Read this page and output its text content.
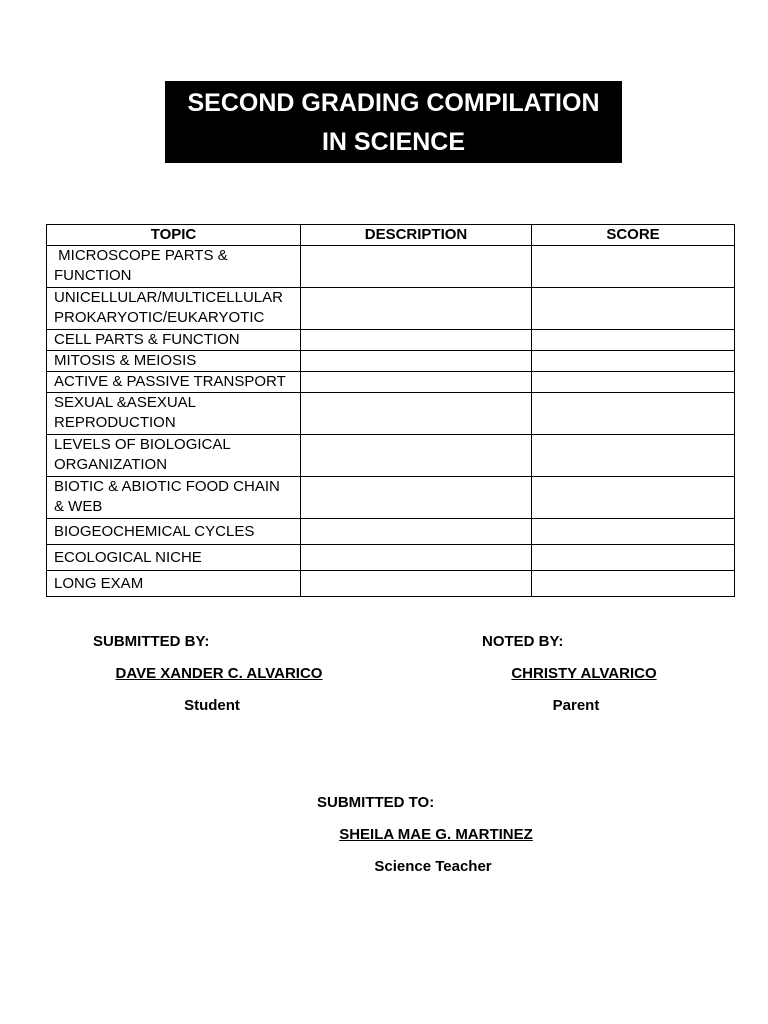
SECOND GRADING COMPILATION
IN SCIENCE
TOPIC	DESCRIPTION	SCORE
MICROSCOPE PARTS & FUNCTION		
UNICELLULAR/MULTICELLULAR PROKARYOTIC/EUKARYOTIC		
CELL PARTS & FUNCTION		
MITOSIS & MEIOSIS		
ACTIVE & PASSIVE TRANSPORT		
SEXUAL &ASEXUAL REPRODUCTION		
LEVELS OF BIOLOGICAL ORGANIZATION		
BIOTIC & ABIOTIC FOOD CHAIN & WEB		
BIOGEOCHEMICAL CYCLES		
ECOLOGICAL NICHE		
LONG EXAM		
SUBMITTED BY:
DAVE XANDER C. ALVARICO
Student
NOTED BY:
CHRISTY ALVARICO
Parent
SUBMITTED TO:
SHEILA MAE G. MARTINEZ
Science Teacher
